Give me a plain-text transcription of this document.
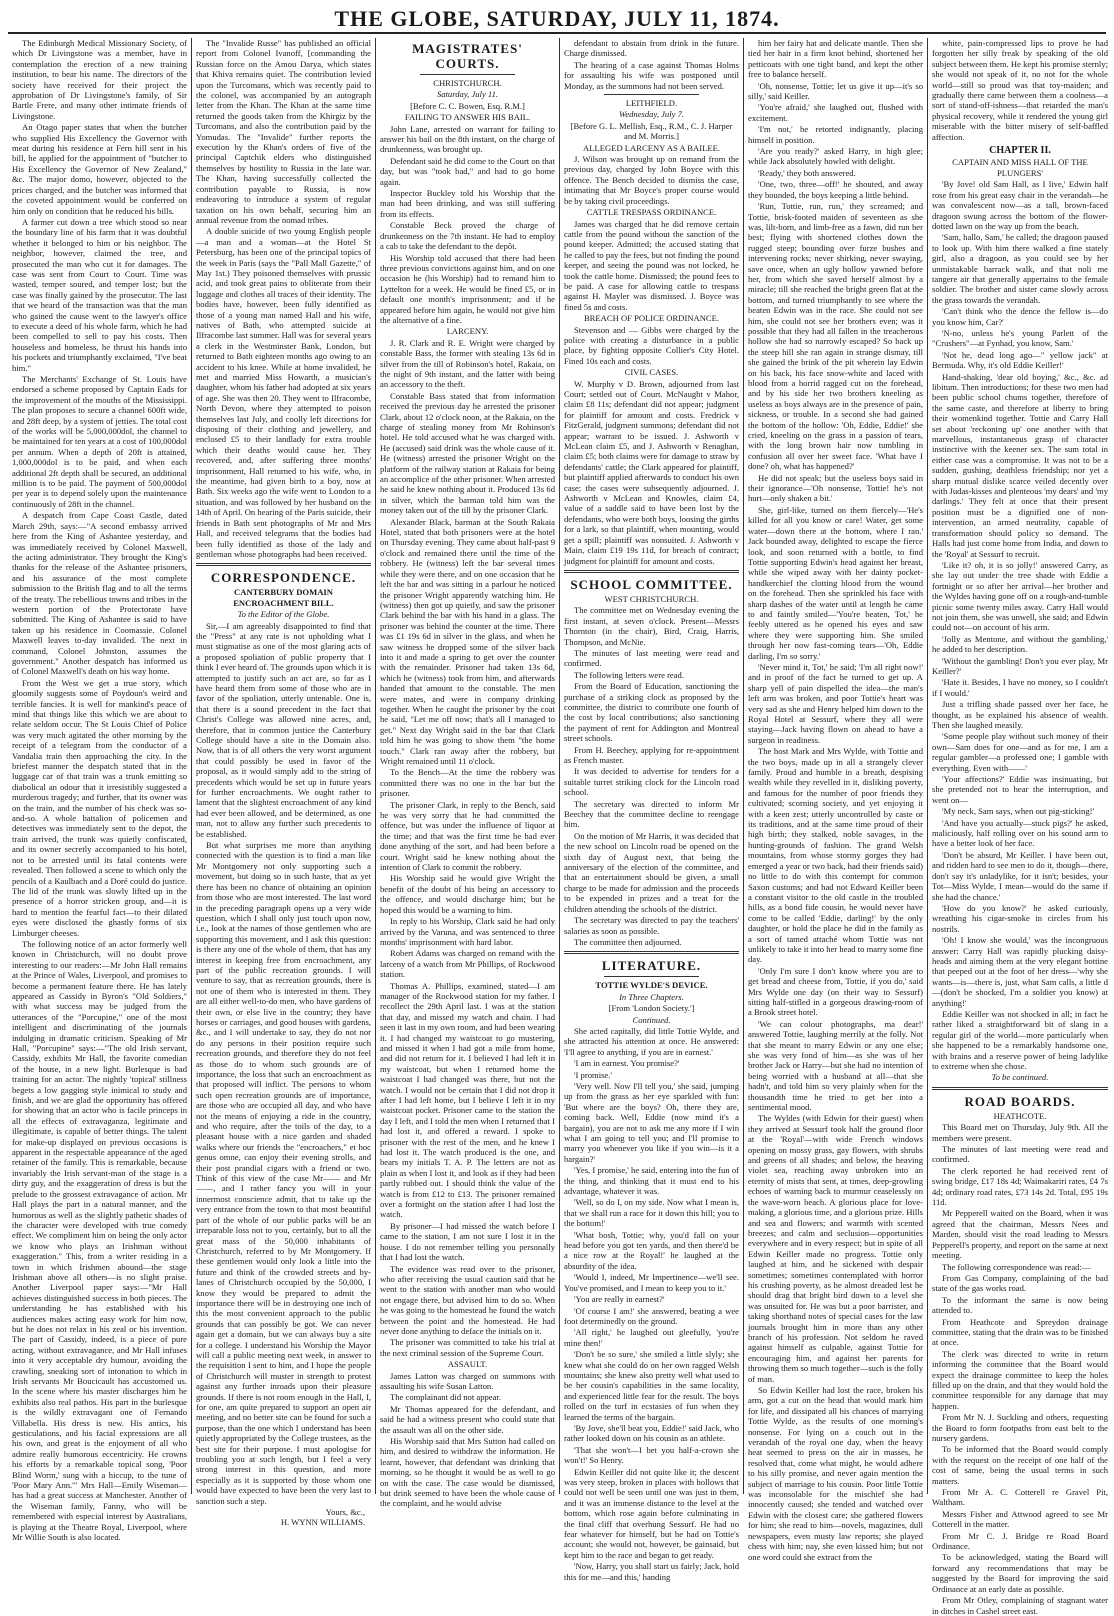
THE GLOBE, SATURDAY, JULY 11, 1874.

The Edinburgh Medical Missionary Society, of which Dr Livingstone was a member, have in contemplation the erection of a new training institution, to bear his name. The directors of the society have received for their project the approbation of Dr Livingstone's family, of Sir Bartle Frere, and many other intimate friends of Livingstone.

An Otago paper states that when the butcher who supplied His Excellency the Governor with meat during his residence at Fern hill sent in his bill, he applied for the appointment of "butcher to His Excellency the Governor of New Zealand," &c. The major domo, however, objected to the prices charged, and the butcher was informed that the coveted appointment would be conferred on him only on condition that he reduced his bills.

A farmer cut down a tree which stood so near the boundary line of his farm that it was doubtful whether it belonged to him or his neighbor. The neighbor, however, claimed the tree, and prosecuted the man who cut it for damages. The case was sent from Court to Court. Time was wasted, temper soured, and temper lost; but the case was finally gained by the prosecutor. The last that we heard of the transaction was that the man who gained the cause went to the lawyer's office to execute a deed of his whole farm, which he had been compelled to sell to pay his costs. Then houseless and homeless, he thrust his hands into his pockets and triumphantly exclaimed, "I've beat him."

The Merchants' Exchange of St. Louis have endorsed a scheme proposed by Captain Eads for the improvement of the mouths of the Mississippi. The plan proposes to secure a channel 600ft wide, and 28ft deep, by a system of jetties. The total cost of the works will be 5,000,000dol, the channel to be maintained for ten years at a cost of 100,000dol per annum. When a depth of 20ft is attained, 1,000,000dol is to be paid, and when each additional 2ft depth shall be secured, an additional million is to be paid. The payment of 500,000dol per year is to depend solely upon the maintenance continuously of 28ft in the channel.

A despatch from Cape Coast Castle, dated March 29th, says:—"A second embassy arrived here from the King of Ashantee yesterday, and was immediately received by Colonel Maxwell, the acting administrator. They brought the King's thanks for the release of the Ashantee prisoners, and his assurance of the most complete submission to the British flag and to all the terms of the treaty. The rebellious towns and tribes in the western portion of the Protectorate have submitted. The King of Ashantee is said to have taken up his residence in Coomassie. Colonel Maxwell leaves to-day invalided. The next in command, Colonel Johnston, assumes the government." Another despatch has informed us of Colonel Maxwell's death on his way home.

From the West we get a true story, which gloomily suggests some of Poydoun's weird and terrible fancies. It is well for mankind's peace of mind that things like this which we are about to relate seldom occur. The St Louis Chief of Police was very much agitated the other morning by the receipt of a telegram from the conductor of a Vandalia train then approaching the city. In the briefest manner the despatch stated that in the luggage car of that train was a trunk emitting so diabolical an odour that it irresistibly suggested a murderous tragedy; and further, that its owner was on the train, and the number of his check was so-and-so. A whole battalion of policemen and detectives was immediately sent to the depot, the train arrived, the trunk was quietly confiscated, and its owner secretly accompanied to his hotel, not to be arrested until its fatal contents were revealed. Then followed a scene to which only the pencils of a Kaulbach and a Doré could do justice. The lid of the trunk was slowly lifted up in the presence of a horror stricken group, and—it is hard to mention the fearful fact—to their dilated eyes were disclosed the ghastly forms of six Limburger cheeses.

The following notice of an actor formerly well known in Christchurch, will no doubt prove interesting to our readers:—Mr John Hall remains at the Prince of Wales, Liverpool, and promises to become a permanent feature there. He has lately appeared as Cassidy in Byron's "Old Soldiers," with what success may be judged from the utterances of the "Porcupine," one of the most intelligent and discriminating of the journals indulging in dramatic criticism. Speaking of Mr Hall, "Porcupine" says:—"The old Irish servant, Cassidy, exhibits Mr Hall, the favorite comedian of the house, in a new light. Burlesque is bad training for an actor. The nightly 'topical' stillness begets a low gagging style inimical to study and finish, and we are glad the opportunity has offered for showing that an actor who is facile princeps in all the effects of extravaganza, legitimate and illegitimate, is capable of better things. The talent for make-up displayed on previous occasions is apparent in the respectable appearance of the aged retainer of the family. This is remarkable, because invariably the Irish servant-man of the stage is a dirty guy, and the exaggeration of dress is but the prelude to the grossest extravagance of action. Mr Hall plays the part in a natural manner, and the humorous as well as the slightly pathetic shades of the character were developed with true comedy effect. We compliment him on being the only actor we know who plays an Irishman without exaggeration." This, from a writer residing in a town in which Irishmen abound—the stage Irishman above all others—is no slight praise. Another Liverpool paper says:—"Mr Hall achieves distinguished success in both pieces. The understanding he has established with his audiences makes acting easy work for him now, but he does not relax in his zeal or his invention. The part of Cassidy, indeed, is a piece of pure acting, without extravagance, and Mr Hall infuses into it very acceptable dry humour, avoiding the crawling, sneaking sort of intonation to which in Irish servants Mr Boucicault has accustomed us. In the scene where his master discharges him he exhibits also real pathos. His part in the burlesque is the wildly extravagant one of Fernando Villabella. His dress is new. His antics, his gesticulations, and his facial expressions are all his own, and great is the enjoyment of all who admire really humorous eccentricity. He crowns his efforts by a remarkable topical song, 'Poor Blind Worm,' sung with a hiccup, to the tune of 'Poor Mary Ann.'" Mrs Hall—Emily Wiseman—has had a great success at Manchester. Another of the Wiseman family, Fanny, who will be remembered with especial interest by Australians, is playing at the Theatre Royal, Liverpool, where Mr Willie South is also located.

The "Invalide Russe" has published an official report from Colonel Ivanoff, [commanding the Russian force on the Amou Darya, which states that Khiva remains quiet. The contribution levied upon the Turcomans, which was recently paid to the colonel, was accompanied by an autograph letter from the Khan. The Khan at the same time returned the goods taken from the Khirgiz by the Turcomans, and also the contribution paid by the Yomudas. The "Invalide" further reports the execution by the Khan's orders of five of the principal Captchik elders who distinguished themselves by hostility to Russia in the late war. The Khan, having successfully collected the contribution payable to Russia, is now endeavoring to introduce a system of regular taxation on his own behalf, securing him an annual revenue from the nomad tribes.

A double suicide of two young English people—a man and a woman—at the Hotel St Petersburg, has been one of the principal topics of the week in Paris (says the "Pall Mall Gazette," of May 1st.) They poisoned themselves with prussic acid, and took great pains to obliterate from their luggage and clothes all traces of their identity. The bodies have, however, been fully identified as those of a young man named Hall and his wife, natives of Bath, who attempted suicide at Ilfracombe last summer. Hall was for several years a clerk in the Westminster Bank, London, but returned to Bath eighteen months ago owing to an accident to his knee. While at home invalided, he met and married Miss Howarth, a musician's daughter, whom his father had adopted at six years of age. She was then 20. They went to Ilfracombe, North Devon, where they attempted to poison themselves last July, and coolly left directions for disposing of their clothing and jewellery, and enclosed £5 to their landlady for extra trouble which their deaths would cause her. They recovered, and, after suffering three months' imprisonment, Hall returned to his wife, who, in the meantime, had given birth to a boy, now at Bath. Six weeks ago the wife went to London to a situation, and was followed by her husband on the 14th of April. On hearing of the Paris suicide, their friends in Bath sent photographs of Mr and Mrs Hall, and received telegrams that the bodies had been fully identified as those of the lady and gentleman whose photographs had been received.

CORRESPONDENCE.
CANTERBURY DOMAIN ENCROACHMENT BILL.
To the Editor of the Globe.

Sir,—I am agreeably disappointed to find that the "Press" at any rate is not upholding what I must stigmatise as one of the most glaring acts of a proposed spoliation of public property that I think I ever heard of. The grounds upon which it is attempted to justify such an act are, so far as I have heard them from some of those who are in favor of the spoliation, utterly untenable. One is, that there is a sound precedent in the fact that Christ's College was allowed nine acres, and, therefore, that in common justice the Canterbury College should have a site in the Domain also. Now, that is of all others the very worst argument that could possibly be used in favor of the proposal, as it would simply add to the string of precedents which would be set up in future years for further encroachments. We ought rather to lament that the slightest encroachment of any kind had ever been allowed, and be determined, as one man, not to allow any further such precedents to be established.

But what surprises me more than anything connected with the question is to find a man like Mr Montgomery not only supporting such a movement, but doing so in such haste, that as yet there has been no chance of obtaining an opinion from those who are most interested. The last word in the preceding paragraph opens up a very wide question, which I shall only just touch upon now, i.e., look at the names of those gentlemen who are supporting this movement, and I ask this question: is there any one of the whole of them, that has any interest in keeping free from encroachment, any part of the public recreation grounds. I will venture to say, that as recreation grounds, there is not one of them who is interested in them. They are all either well-to-do men, who have gardens of their own, or else live in the country; they have horses or carriages, and good houses with gardens, &c., and I will undertake to say, they do not nor do any persons in their position require such recreation grounds, and therefore they do not feel as those do to whom such grounds are of importance, the loss that such an encroachment as that proposed will inflict. The persons to whom such open recreation grounds are of importance, are those who are occupied all day, and who have not the means of enjoying a ride in the country, and who require, after the toils of the day, to a pleasant house with a nice garden and shaded walks where our friends the "encroachers," et hoc genus omne, can enjoy their evening strolls, and their post prandial cigars with a friend or two. Think of this view of the case Mr—— and Mr——, and I rather fancy you will in your innermost conscience admit, that to take up the very entrance from the town to that most beautiful part of the whole of our public parks will be an irreparable loss not to you, certainly, but to all the great mass of the 50,000 inhabitants of Christchurch, referred to by Mr Montgomery. If these gentlemen would only look a little into the future and think of the crowded streets and by-lanes of Christchurch occupied by the 50,000, I know they would be prepared to admit the importance there will be in destroying one inch of this the most convenient approach to the public grounds that can possibly be got. We can never again get a domain, but we can always buy a site for a college. I understand his Worship the Mayor will call a public meeting next week, in answer to the requisition I sent to him, and I hope the people of Christchurch will muster in strength to protest against any further inroads upon their pleasure grounds. If there is not room enough in the Hall, I, for one, am quite prepared to support an open air meeting, and no better site can be found for such a purpose, than the one which I understand has been quietly appropriated by the College trustees, as the best site for their purpose. I must apologise for troubling you at such length, but I feel a very strong interest in this question, and more especially as it is supported by those whom one would have expected to have been the very last to sanction such a step.

Yours, &c.,
H. WYNN WILLIAMS.
MAGISTRATES' COURTS.
CHRISTCHURCH.
Saturday, July 11.
[Before C. C. Bowen, Esq. R.M.]
FAILING TO ANSWER HIS BAIL.

John Lane, arrested on warrant for failing to answer his bail on the 8th instant, on the charge of drunkenness, was brought up.

Defendant said he did come to the Court on that day, but was "took bad," and had to go home again.

Inspector Buckley told his Worship that the man had been drinking, and was still suffering from its effects.

Constable Beck proved the charge of drunkenness on the 7th instant. He had to employ a cab to take the defendant to the depôt.

His Worship told accused that there had been three previous convictions against him, and on one occasion he (his Worship) had to remand him to Lyttelton for a week. He would be fined £5, or in default one month's imprisonment; and if he appeared before him again, he would not give him the alternative of a fine.

LARCENY.

J. R. Clark and R. E. Wright were charged by constable Bass, the former with stealing 13s 6d in silver from the till of Robinson's hotel, Rakaia, on the night of 9th instant, and the latter with being an accessory to the theft.

Constable Bass stated that from information received the previous day he arrested the prisoner Clark, about 12 o'clock noon, at the Rakaia, on the charge of stealing money from Mr Robinson's hotel. He told accused what he was charged with. He (accused) said drink was the whole cause of it. He (witness) arrested the prisoner Wright on the platform of the railway station at Rakaia for being an accomplice of the other prisoner. When arrested he said he knew nothing about it. Produced 13s 6d in silver, which the barman told him was the money taken out of the till by the prisoner Clark.

Alexander Black, barman at the South Rakaia Hotel, stated that both prisoners were at the hotel on Thursday evening. They came about half-past 9 o'clock and remained there until the time of the robbery. He (witness) left the bar several times while they were there, and on one occasion that he left the bar and was sitting in a parlour he noticed the prisoner Wright apparently watching him. He (witness) then got up quietly, and saw the prisoner Clark behind the bar with his hand in a glass. The prisoner was behind the counter at the time. There was £1 19s 6d in silver in the glass, and when he saw witness he dropped some of the silver back into it and made a spring to get over the counter with the remainder. Prisoner had taken 13s 6d, which he (witness) took from him, and afterwards handed that amount to the constable. The men were mates, and were in company drinking together. When he caught the prisoner by the coat he said, "Let me off now; that's all I managed to get." Next day Wright said in the bar that Clark told him he was going to show them "the home touch." Clark ran away after the robbery, but Wright remained until 11 o'clock.

To the Bench—At the time the robbery was committed there was no one in the bar but the prisoner.

The prisoner Clark, in reply to the Bench, said he was very sorry that he had committed the offence, but was under the influence of liquor at the time; and that was the first time he had ever done anything of the sort, and had been before a court. Wright said he knew nothing about the intention of Clark to commit the robbery.

His Worship said he would give Wright the benefit of the doubt of his being an accessory to the offence, and would discharge him; but he hoped this would be a warning to him.

In reply to his Worship, Clark said he had only arrived by the Varuna, and was sentenced to three months' imprisonment with hard labor.

Robert Adams was charged on remand with the larceny of a watch from Mr Phillips, of Rockwood station.

Thomas A. Phillips, examined, stated—I am manager of the Rockwood station for my father. I recollect the 29th April last. I was at the station that day, and missed my watch and chain. I had seen it last in my own room, and had been wearing it. I had changed my waistcoat to go mustering, and missed it when I had got a mile from home, and did not return for it. I believed I had left it in my waistcoat, but when I returned home the waistcoat I had changed was there, but not the watch. I would not be certain that I did not drop it after I had left home, but I believe I left it in my waistcoat pocket. Prisoner came to the station the day I left, and I told the men when I returned that I had lost it, and offered a reward. I spoke to prisoner with the rest of the men, and he knew I had lost it. The watch produced is the one, and bears my initials T. A. P. The letters are not as plain as when I lost it, and look as if they had been partly rubbed out. I should think the value of the watch is from £12 to £13. The prisoner remained over a fortnight on the station after I had lost the watch.

By prisoner—I had missed the watch before I came to the station, I am not sure I lost it in the house. I do not remember telling you personally that I had lost the watch.

The evidence was read over to the prisoner, who after receiving the usual caution said that he went to the station with another man who would not engage there, but advised him to do so. When he was going to the homestead he found the watch between the point and the homestead. He had never done anything to deface the initials on it.

The prisoner was committed to take his trial at the next criminal session of the Supreme Court.

ASSAULT.

James Latton was charged on summons with assaulting his wife Susan Latton.

The complainant did not appear.

Mr Thomas appeared for the defendant, and said he had a witness present who could state that the assault was all on the other side.

His Worship said that Mrs Sutton had called on him, and desired to withdraw the information. He learnt, however, that defendant was drinking that morning, so he thought it would be as well to go on with the case. The case would be dismissed, but drink seemed to have been the whole cause of the complaint, and he would advise

defendant to abstain from drink in the future. Charge dismissed.

The hearing of a case against Thomas Holms for assaulting his wife was postponed until Monday, as the summons had not been served.

LEITHFIELD.
Wednesday, July 7.
[Before G. L. Mellish, Esq., R.M., C. J. Harper and M. Morris.]
ALLEGED LARCENY AS A BAILEE.

J. Wilson was brought up on remand from the previous day, charged by John Boyce with this offence. The Bench decided to dismiss the case, intimating that Mr Boyce's proper course would be by taking civil proceedings.

CATTLE TRESPASS ORDINANCE.

James was charged that he did remove certain cattle from the pound without the sanction of the pound keeper. Admitted; the accused stating that he called to pay the fees, but not finding the pound keeper, and seeing the pound was not locked, he took the cattle home. Dismissed; the pound fees to be paid. A case for allowing cattle to trespass against H. Mayler was dismissed. J. Boyce was fined 5s and costs.

BREACH OF POLICE ORDINANCE.

Stevenson and — Gibbs were charged by the police with creating a disturbance in a public place, by fighting opposite Collier's City Hotel. Fined 10s each and costs.

CIVIL CASES.

W. Murphy v D. Brown, adjourned from last Court; settled out of Court. McNaught v Mahor, claim £8 11s; defendant did not appear; judgment for plaintiff for amount and costs. Fredrick v FitzGerald, judgment summons; defendant did not appear; warrant to be issued. J. Ashworth v McLean claim £5, and J. Ashworth v Renaghan, claim £5; both claims were for damage to straw by defendants' cattle; the Clark appeared for plaintiff, but plaintiff applied afterwards to conduct his own case; the cases were subsequently adjourned. J. Ashworth v McLean and Knowles, claim £4, value of a saddle said to have been lost by the defendants, who were both boys, loosing the girths for a lark, so that plaintiff, when mounting, would get a spill; plaintiff was nonsuited. J. Ashworth v Main, claim £19 19s 11d, for breach of contract; judgment for plaintiff for amount and costs.

SCHOOL COMMITTEE.
WEST CHRISTCHURCH.

The committee met on Wednesday evening the first instant, at seven o'clock. Present—Messrs Thornton (in the chair), Bird, Craig, Harris, Thompson, and McNie.

The minutes of last meeting were read and confirmed.

The following letters were read.

From the Board of Education, sanctioning the purchase of a striking clock as proposed by the committee, the district to contribute one fourth of the cost by local contributions; also sanctioning the payment of rent for Addington and Montreal street schools.

From H. Beechey, applying for re-appointment as French master.

It was decided to advertise for tenders for a suitable turret striking clock for the Lincoln road school.

The secretary was directed to inform Mr Beechey that the committee decline to reengage him.

On the motion of Mr Harris, it was decided that the new school on Lincoln road be opened on the sixth day of August next, that being the anniversary of the election of the committee, and that an entertainment should be given, a small charge to be made for admission and the proceeds to be expended in prizes and a treat for the children attending the schools of the district.

The secretary was directed to pay the teachers' salaries as soon as possible.

The committee then adjourned.

LITERATURE.
TOTTIE WYLDE'S DEVICE.
In Three Chapters.
[From 'London Society.']
Continued.

She acted capitally, did little Tottie Wylde, and she attracted his attention at once. He answered: 'I'll agree to anything, if you are in earnest.'

'I am in earnest. You promise?'

'I promise.'

'Very well. Now I'll tell you,' she said, jumping up from the grass as her eye sparkled with fun: 'But where are the boys? Oh, there they are, coming back. Well, Eddie (now mind it's a bargain), you are not to ask me any more if I win what I am going to tell you; and I'll promise to marry you whenever you like if you win—is it a bargain?'

'Yes, I promise,' he said, entering into the fun of the thing, and thinking that it must end to his advantage, whatever it was.

'Well, so do I, on my side. Now what I mean is, that we shall run a race for it down this hill; you to the bottom!'

'What bosh, Tottie; why, you'd fall on your head before you got ten yards, and then there'd be a nice row at the Royal!' he laughed at the absurdity of the idea.

'Would I, indeed, Mr Impertinence—we'll see. You've promised, and I mean to keep you to it.'

'You are really in earnest?'

'Of course I am!' she answered, beating a wee foot determinedly on the ground.

'All right,' he laughed out gleefully, 'you're mine then!'

'Don't be so sure,' she smiled a little slyly; she knew what she could do on her own ragged Welsh mountains; she knew also pretty well what used to be her cousin's capabilities in the same locality, and experienced little fear for the result. The boys rolled on the turf in ecstasies of fun when they learned the terms of the bargain.

'By Jove, she'll beat you, Eddie!' said Jack, who rather looked down on his cousin as an athlete.

'That she won't—I bet you half-a-crown she won't!' So Henry.

Edwin Keiller did not quite like it; the descent was very steep, broken in places with hollows that could not well be seen until one was just in them, and it was an immense distance to the level at the bottom, which rose again before culminating in the final cliff that overhung Sessurf. He had no fear whatever for himself, but he had on Tottie's account; she would not, however, be gainsaid, but kept him to the race and began to get ready.

'Now, Harry, you shall start us fairly; Jack, hold this for me—and this,' handing

him her fairy hat and delicate mantle. Then she tied her hair in a firm knot behind, shortened her petticoats with one tight band, and kept the other free to balance herself.

'Oh, nonsense, Tottie; let us give it up—it's so silly,' said Keiller.

'You're afraid,' she laughed out, flushed with excitement.

'I'm not,' he retorted indignantly, placing himself in position.

'Are you ready?' asked Harry, in high glee; while Jack absolutely howled with delight.

'Ready,' they both answered.

'One, two, three—off!' he shouted, and away they bounded, the boys keeping a little behind.

'Run, Tottie, run, run,' they screamed; and Tottie, brisk-footed maiden of seventeen as she was, lilt-born, and limb-free as a fawn, did run her best; flying with shortened clothes down the rugged steep; bounding over furze bushes and intervening rocks; never shirking, never swaying, save once, when an ugly hollow yawned before her, from which she saved herself almost by a miracle; till she reached the bright green flat at the bottom, and turned triumphantly to see where the beaten Edwin was in the race. She could not see him, she could not see her brothers even; was it possible that they had all fallen in the treacherous hollow she had so narrowly escaped? So back up the steep hill she ran again in strange dismay, till she gained the brink of the pit wherein lay Edwin on his back, his face snow-white and laced with blood from a horrid ragged cut on the forehead, and by his side her two brothers kneeling as useless as boys always are in the presence of pain, sickness, or trouble. In a second she had gained the bottom of the hollow: 'Oh, Eddie, Eddie!' she cried, kneeling on the grass in a passion of tears, with the long brown hair now tumbling in confusion all over her sweet face. 'What have I done? oh, what has happened?'

He did not speak; but the useless boys said in their ignorance—'Oh nonsense, Tottie! he's not hurt—only shaken a bit.'

She, girl-like, turned on them fiercely—'He's killed for all you know or care! Water, get some water—down there at the bottom, where I ran.' Jack bounded away, delighted to escape the fierce look, and soon returned with a bottle, to find Tottie supporting Edwin's head against her breast, while she wiped away with her dainty pocket-handkerchief the clotting blood from the wound on the forehead. Then she sprinkled his face with sharp dashes of the water until at length he came to and faintly smiled—'You're beaten, Tot,' he feebly uttered as he opened his eyes and saw where they were supporting him. She smiled through her now fast-coming tears—'Oh, Eddie darling, I'm so sorry.'

'Never mind it, Tot,' he said; 'I'm all right now!' and in proof of the fact he turned to get up. A sharp yell of pain dispelled the idea—the man's left arm was broken, and poor Tottie's heart was very sad as she and Henry helped him down to the Royal Hotel at Sessurf, where they all were staying—Jack having flown on ahead to have a surgeon in readiness.

The host Mark and Mrs Wylde, with Tottie and the two boys, made up in all a strangely clever family. Proud and humble in a breath, despising wealth while they revelled in it, disliking poverty, and famous for the number of poor friends they cultivated; scorning society, and yet enjoying it with a keen zest; utterly uncontrolled by caste or its traditions, and at the same time proud of their high birth; they stalked, noble savages, in the hunting-grounds of fashion. The grand Welsh mountains, from whose stormy gorges they had emerged a year or two back, had their friends said) no little to do with this contempt for common Saxon customs; and had not Edward Keiller been a constant visitor to the old castle in the troubled hills, as a bond fide cousin, he would never have come to be called 'Eddie, darling!' by the only daughter, or hold the place he did in the family as a sort of tamed attaché whom Tottie was not unlikely to take it into her head to marry some fine day.

'Only I'm sure I don't know where you are to get bread and cheese from, Tottie, if you do,' said Mrs Wylde one day (on their way to Sessurf) sitting half-stifled in a gorgeous drawing-room of a Brook street hotel.

'We can colour photographs, ma dear!' answered Tottie, laughing merrily at the folly. Not that she meant to marry Edwin or any one else; she was very fond of him—as she was of her brother Jack or Harry—but she had no intention of being worried with a husband at all—that she hadn't, and told him so very plainly when for the thousandth time he tried to get her into a sentimental mood.

The Wyldes (with Edwin for their guest) when they arrived at Sessurf took half the ground floor at the 'Royal'—with wide French windows opening on mossy grass, gay flowers, with shrubs and greens of all shades; and below, the heaving violet sea, reaching away unbroken into an eternity of mists that sent, at times, deep-growling echoes of warning back to murmur ceaselessly on the wave-worn beach. A glorious place for love-making, a glorious time, and a glorious prize. Hills and sea and flowers; and warmth with scented breezes; and calm and seclusion—opportunities everywhere and in every respect; but in spite of all Edwin Keiller made no progress. Tottie only laughed at him, and he sickened with despair sometimes; sometimes contemplated with horror his crushing poverty, as he almost dreaded lest he should drag that bright bird down to a level she was unsuited for. He was but a poor barrister, and taking shorthand notes of special cases for the law journals brought him in more than any other branch of his profession. Not seldom he raved against himself as culpable, against Tottie for encouraging him, and against her parents for throwing them so much together—such is the folly of man.

So Edwin Keiller had lost the race, broken his arm, got a cut on the head that would mark him for life, and dissipated all his chances of marrying Tottie Wylde, as the results of one morning's nonsense. For lying on a couch out in the verandah of the royal one day, when the heavy heat seemed to press on the air in masses, he resolved that, come what might, he would adhere to his silly promise, and never again mention the subject of marriage to his cousin. Poor little Tottie was inconsolable for the mischief she had innocently caused; she tended and watched over Edwin with the closest care; she gathered flowers for him; she read to him—novels, magazines, dull newspapers, even musty law reports; she played chess with him; nay, she even kissed him; but not one word could she extract from the

white, pain-compressed lips to prove he had forgotten her silly freak by speaking of the old subject between them. He kept his promise sternly; she would not speak of it, no not for the whole world—still so proud was that toy-maiden; and gradually there came between them a coolness—a sort of stand-off-ishness—that retarded the man's physical recovery, while it rendered the young girl miserable with the bitter misery of self-baffled affection.

CHAPTER II.
CAPTAIN AND MISS HALL OF THE PLUNGERS'

'By Jove! old Sam Hall, as I live,' Edwin half rose from his great easy chair in the verandah—he was convalescent now—as a tall, brown-faced dragoon swung across the bottom of the flower-dotted lawn on the way up from the beach.

'Sam, hallo, Sam,' he called; the dragoon paused to look up. With him there walked a fine stately girl, also a dragoon, as you could see by her unmistakable barrack walk, and that noli me tangere air that generally appertains to the female soldier. The brother and sister came slowly across the grass towards the verandah.

'Can't think who the dence the fellow is—do you know him, Car?'

'N-no, unless he's young Parlett of the "Crushers"—at Fynhad, you know, Sam.'

'Not he, dead long ago—" yellow jack" at Bermuda. Why, it's old Eddie Keiller!'

Hand-shaking, 'dear old boying,' &c., &c. ad libitum. Then introductions; for these two men had been public school chums together, therefore of the same caste, and therefore at liberty to bring their womenkind together. Tottie and Carry Hall set about 'reckoning up' one another with that marvellous, instantaneous grasp of character instinctive with the keener sex. The sum total in either case was a compromise. It was not to be a sudden, gushing, deathless friendship; nor yet a sharp mutual dislike scarce veiled decently over with Judas-kisses and plenteous 'my dears' and 'my darlings.' They felt at once that their present position must be a dignified one of non-intervention, an armed neutrality, capable of transformation should policy so demand. The Halls had just come home from India, and down to the 'Royal' at Sessurf to recruit.

'Like it? oh, it is so jolly!' answered Carry, as she lay out under the tree shade with Eddie a fortnight or so after her arrival—her brother and the Wyldes having gone off on a rough-and-tumble picnic some twenty miles away. Carry Hall would not join them, she was unwell, she said; and Edwin could not—on account of his arm.

'Jolly as Mentone, and without the gambling,' he added to her description.

'Without the gambling! Don't you ever play, Mr Keiller?'

'Hate it. Besides, I have no money, so I couldn't if I would.'

Just a trifling shade passed over her face, he thought, as he explained his absence of wealth. Then she laughed measily.

'Some people play without such money of their own—Sam does for one—and as for me, I am a regular gambler—a professed one; I gamble with everything. Even with——'

'Your affections?' Eddie was insinuating, but she pretended not to hear the interruption, and went on—

'My neck, Sam says, when out pig-sticking!'

'And have you actually—stuck pigs?' he asked, maliciously, half rolling over on his sound arm to have a better look of her face.

'Don't be absurd, Mr Keiller. I have been out, and ridden hard to see men to do it, though—there, don't say it's unladylike, for it isn't; besides, your Tot—Miss Wylde, I mean—would do the same if she had the chance.'

'How do you know?' he asked curiously, wreathing his cigar-smoke in circles from his nostrils.

'Oh! I know she would,' was the incongruous answer: Carry Hall was rapidly plucking daisy-heads and aiming them at the very elegant bottine that peeped out at the foot of her dress—'why she wants—is—there is, just, what Sam calls, a little d—(don't be shocked, I'm a soldier you know) at anything!'

Eddie Keiller was not shocked in all; in fact he rather liked a straightforward bit of slang in a regular girl of the world—more particularly when she happened to be a remarkably handsome one, with brains and a reserve power of being ladylike to extreme when she chose.

To be continued.
ROAD BOARDS.
HEATHCOTE.

This Board met on Thursday, July 9th. All the members were present.

The minutes of last meeting were read and confirmed.

The clerk reported he had received rent of swing bridge, £17 18s 4d; Waimakariri rates, £4 7s 4d; ordinary road rates, £73 14s 2d. Total, £95 19s 11d.

Mr Pepperell waited on the Board, when it was agreed that the chairman, Messrs Nees and Marden, should visit the road leading to Messrs Pepperell's property, and report on the same at next meeting.

The following correspondence was read:—

From Gas Company, complaining of the bad state of the gas works road.

To the informant the same is now being attended to.

From Heathcote and Spreydon drainage committee, stating that the drain was to be finished at once.

The clerk was directed to write in return informing the committee that the Board would expect the drainage committee to keep the holes filled up on the drain, and that they would hold the committee responsible for any damage that may happen.

From Mr N. J. Suckling and others, requesting the Board to form footpaths from east belt to the nursery gardens.

To be informed that the Board would comply with the request on the receipt of one half of the cost of same, being the usual terms in such matters.

From Mr A. C. Cotterell re Gravel Pit, Waltham.

Messrs Fisher and Attwood agreed to see Mr Cotterell in the matter.

From Mr C. J. Bridge re Road Board Ordinance.

To be acknowledged, stating the Board will forward any recommendations that may be suggested by the Board for improving the said Ordinance at an early date as possible.

From Mr Otley, complaining of stagnant water in ditches in Cashel street east.
